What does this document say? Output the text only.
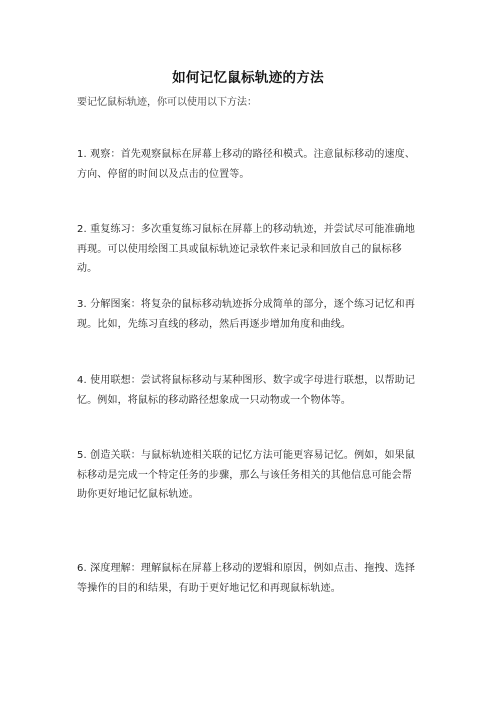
如何记忆鼠标轨迹的方法
要记忆鼠标轨迹，你可以使用以下方法：
1. 观察：首先观察鼠标在屏幕上移动的路径和模式。注意鼠标移动的速度、方向、停留的时间以及点击的位置等。
2. 重复练习：多次重复练习鼠标在屏幕上的移动轨迹，并尝试尽可能准确地再现。可以使用绘图工具或鼠标轨迹记录软件来记录和回放自己的鼠标移动。
3. 分解图案：将复杂的鼠标移动轨迹拆分成简单的部分，逐个练习记忆和再现。比如，先练习直线的移动，然后再逐步增加角度和曲线。
4. 使用联想：尝试将鼠标移动与某种图形、数字或字母进行联想，以帮助记忆。例如，将鼠标的移动路径想象成一只动物或一个物体等。
5. 创造关联：与鼠标轨迹相关联的记忆方法可能更容易记忆。例如，如果鼠标移动是完成一个特定任务的步骤，那么与该任务相关的其他信息可能会帮助你更好地记忆鼠标轨迹。
6. 深度理解：理解鼠标在屏幕上移动的逻辑和原因，例如点击、拖拽、选择等操作的目的和结果，有助于更好地记忆和再现鼠标轨迹。
